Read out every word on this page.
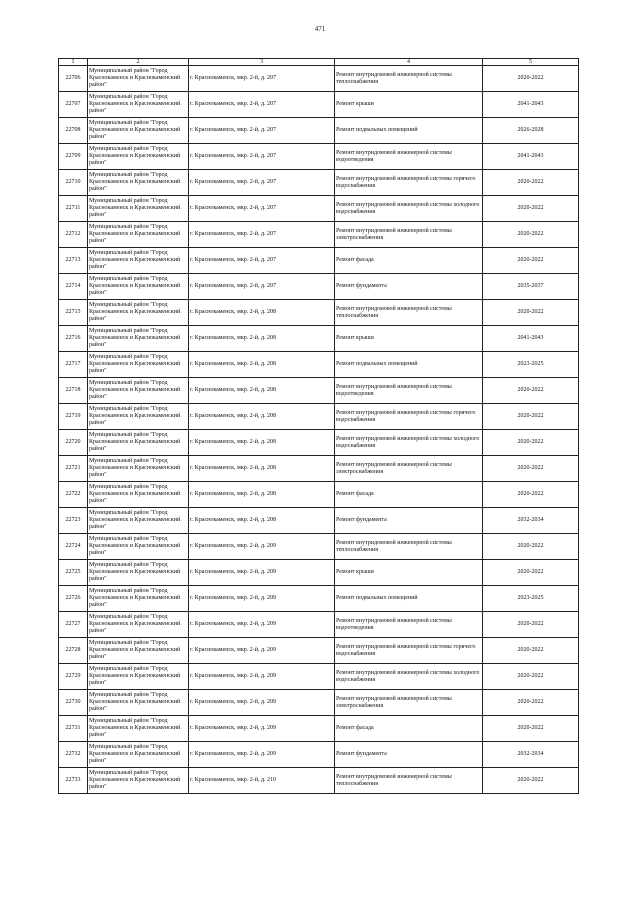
471
1	2	3	4	5
22706	Муниципальный район "Город Краснокаменск и Краснокаменский район"	г. Краснокаменск, мкр. 2-й, д. 207	Ремонт внутридомовой инженерной системы теплоснабжения	2020-2022
22707	Муниципальный район "Город Краснокаменск и Краснокаменский район"	г. Краснокаменск, мкр. 2-й, д. 207	Ремонт крыши	2041-2043
22708	Муниципальный район "Город Краснокаменск и Краснокаменский район"	г. Краснокаменск, мкр. 2-й, д. 207	Ремонт подвальных помещений	2026-2028
22709	Муниципальный район "Город Краснокаменск и Краснокаменский район"	г. Краснокаменск, мкр. 2-й, д. 207	Ремонт внутридомовой инженерной системы водоотведения	2041-2043
22710	Муниципальный район "Город Краснокаменск и Краснокаменский район"	г. Краснокаменск, мкр. 2-й, д. 207	Ремонт внутридомовой инженерной системы горячего водоснабжения	2020-2022
22711	Муниципальный район "Город Краснокаменск и Краснокаменский район"	г. Краснокаменск, мкр. 2-й, д. 207	Ремонт внутридомовой инженерной системы холодного водоснабжения	2020-2022
22712	Муниципальный район "Город Краснокаменск и Краснокаменский район"	г. Краснокаменск, мкр. 2-й, д. 207	Ремонт внутридомовой инженерной системы электроснабжения	2020-2022
22713	Муниципальный район "Город Краснокаменск и Краснокаменский район"	г. Краснокаменск, мкр. 2-й, д. 207	Ремонт фасада	2020-2022
22714	Муниципальный район "Город Краснокаменск и Краснокаменский район"	г. Краснокаменск, мкр. 2-й, д. 207	Ремонт фундамента	2035-2037
22715	Муниципальный район "Город Краснокаменск и Краснокаменский район"	г. Краснокаменск, мкр. 2-й, д. 208	Ремонт внутридомовой инженерной системы теплоснабжения	2020-2022
22716	Муниципальный район "Город Краснокаменск и Краснокаменский район"	г. Краснокаменск, мкр. 2-й, д. 208	Ремонт крыши	2041-2043
22717	Муниципальный район "Город Краснокаменск и Краснокаменский район"	г. Краснокаменск, мкр. 2-й, д. 208	Ремонт подвальных помещений	2023-2025
22718	Муниципальный район "Город Краснокаменск и Краснокаменский район"	г. Краснокаменск, мкр. 2-й, д. 208	Ремонт внутридомовой инженерной системы водоотведения	2020-2022
22719	Муниципальный район "Город Краснокаменск и Краснокаменский район"	г. Краснокаменск, мкр. 2-й, д. 208	Ремонт внутридомовой инженерной системы горячего водоснабжения	2020-2022
22720	Муниципальный район "Город Краснокаменск и Краснокаменский район"	г. Краснокаменск, мкр. 2-й, д. 208	Ремонт внутридомовой инженерной системы холодного водоснабжения	2020-2022
22721	Муниципальный район "Город Краснокаменск и Краснокаменский район"	г. Краснокаменск, мкр. 2-й, д. 208	Ремонт внутридомовой инженерной системы электроснабжения	2020-2022
22722	Муниципальный район "Город Краснокаменск и Краснокаменский район"	г. Краснокаменск, мкр. 2-й, д. 208	Ремонт фасада	2020-2022
22723	Муниципальный район "Город Краснокаменск и Краснокаменский район"	г. Краснокаменск, мкр. 2-й, д. 208	Ремонт фундамента	2032-2034
22724	Муниципальный район "Город Краснокаменск и Краснокаменский район"	г. Краснокаменск, мкр. 2-й, д. 209	Ремонт внутридомовой инженерной системы теплоснабжения	2020-2022
22725	Муниципальный район "Город Краснокаменск и Краснокаменский район"	г. Краснокаменск, мкр. 2-й, д. 209	Ремонт крыши	2020-2022
22726	Муниципальный район "Город Краснокаменск и Краснокаменский район"	г. Краснокаменск, мкр. 2-й, д. 209	Ремонт подвальных помещений	2023-2025
22727	Муниципальный район "Город Краснокаменск и Краснокаменский район"	г. Краснокаменск, мкр. 2-й, д. 209	Ремонт внутридомовой инженерной системы водоотведения	2020-2022
22728	Муниципальный район "Город Краснокаменск и Краснокаменский район"	г. Краснокаменск, мкр. 2-й, д. 209	Ремонт внутридомовой инженерной системы горячего водоснабжения	2020-2022
22729	Муниципальный район "Город Краснокаменск и Краснокаменский район"	г. Краснокаменск, мкр. 2-й, д. 209	Ремонт внутридомовой инженерной системы холодного водоснабжения	2020-2022
22730	Муниципальный район "Город Краснокаменск и Краснокаменский район"	г. Краснокаменск, мкр. 2-й, д. 209	Ремонт внутридомовой инженерной системы электроснабжения	2020-2022
22731	Муниципальный район "Город Краснокаменск и Краснокаменский район"	г. Краснокаменск, мкр. 2-й, д. 209	Ремонт фасада	2020-2022
22732	Муниципальный район "Город Краснокаменск и Краснокаменский район"	г. Краснокаменск, мкр. 2-й, д. 209	Ремонт фундамента	2032-2034
22733	Муниципальный район "Город Краснокаменск и Краснокаменский район"	г. Краснокаменск, мкр. 2-й, д. 210	Ремонт внутридомовой инженерной системы теплоснабжения	2020-2022
